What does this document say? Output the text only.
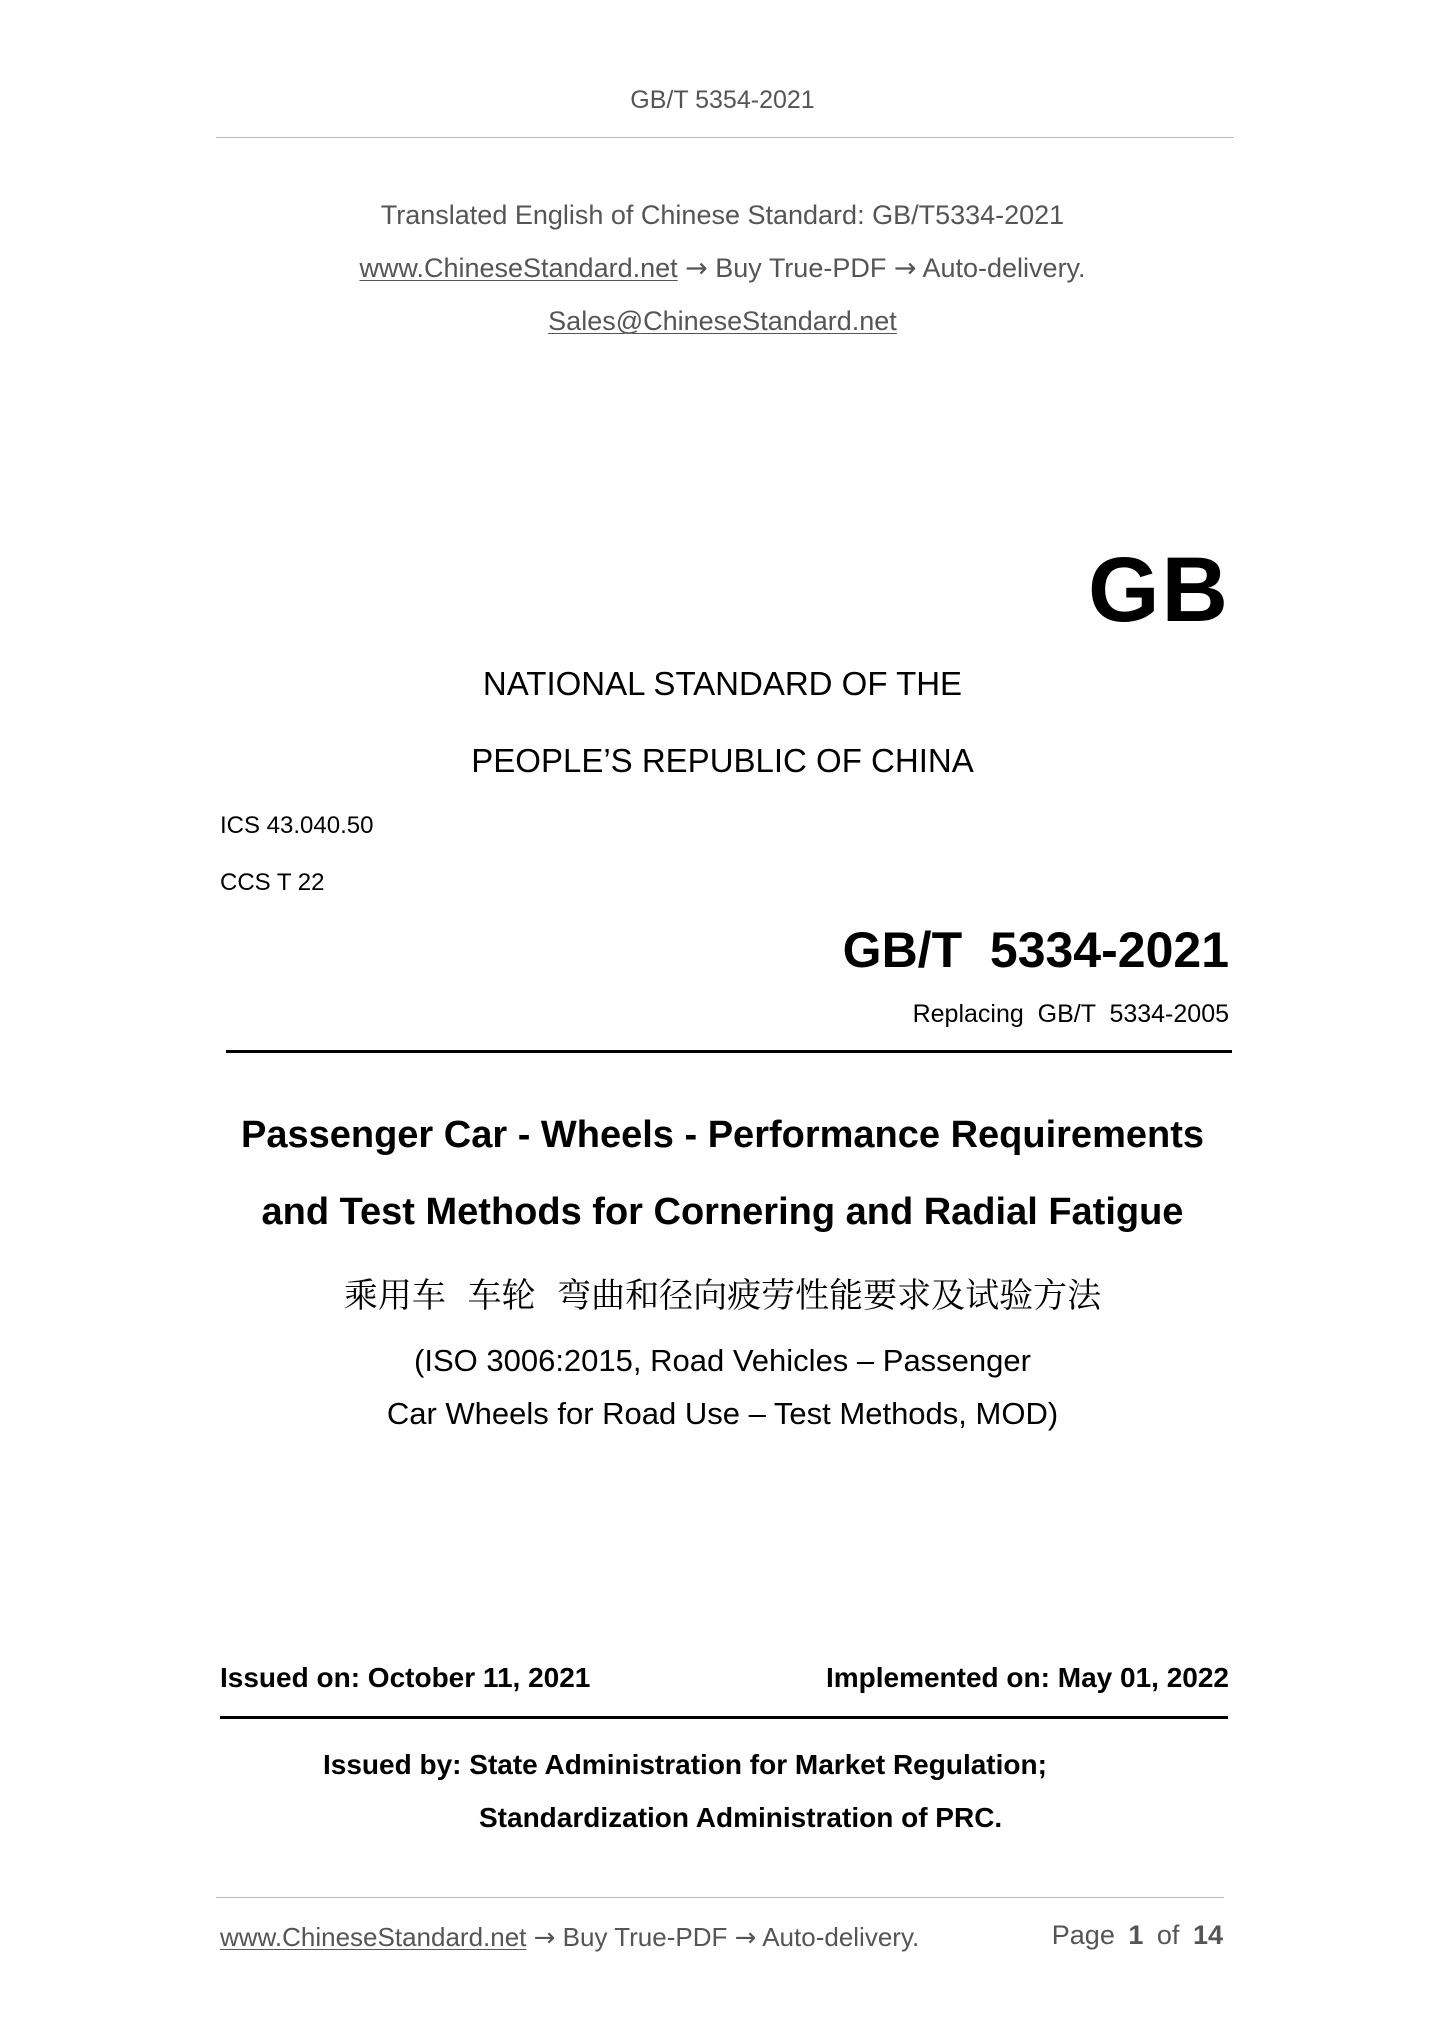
GB/T 5354-2021
Translated English of Chinese Standard: GB/T5334-2021
www.ChineseStandard.net → Buy True-PDF → Auto-delivery.
Sales@ChineseStandard.net
GB
NATIONAL STANDARD OF THE
PEOPLE’S REPUBLIC OF CHINA
ICS 43.040.50
CCS T 22
GB/T  5334-2021
Replacing  GB/T  5334-2005
Passenger Car - Wheels - Performance Requirements
and Test Methods for Cornering and Radial Fatigue
乘用车  车轮  弯曲和径向疲劳性能要求及试验方法
(ISO 3006:2015, Road Vehicles – Passenger
Car Wheels for Road Use – Test Methods, MOD)
Issued on: October 11, 2021	Implemented on: May 01, 2022
Issued by: State Administration for Market Regulation;
Standardization Administration of PRC.
www.ChineseStandard.net → Buy True-PDF → Auto-delivery.	Page 1 of 14
